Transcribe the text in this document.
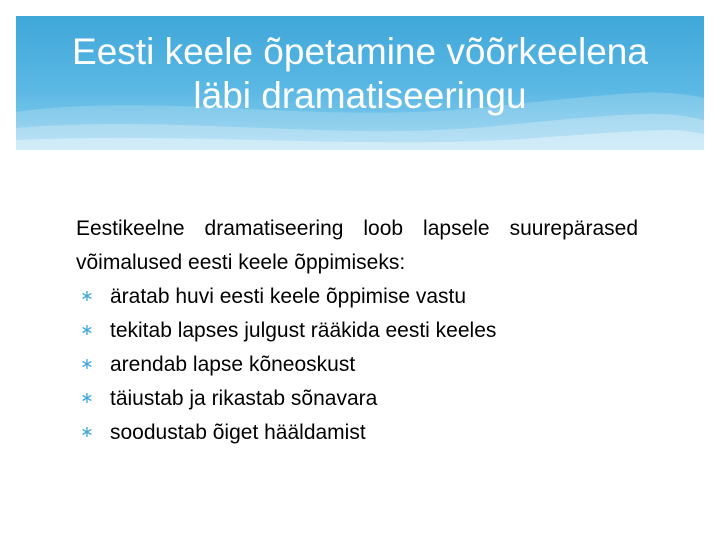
Eesti keele õpetamine võõrkeelena
läbi dramatiseeringu

Eestikeelne dramatiseering loob lapsele suurepärased võimalused eesti keele õppimiseks:

∗ äratab huvi eesti keele õppimise vastu
∗ tekitab lapses julgust rääkida eesti keeles
∗ arendab lapse kõneoskust
∗ täiustab ja rikastab sõnavara
∗ soodustab õiget hääldamist
